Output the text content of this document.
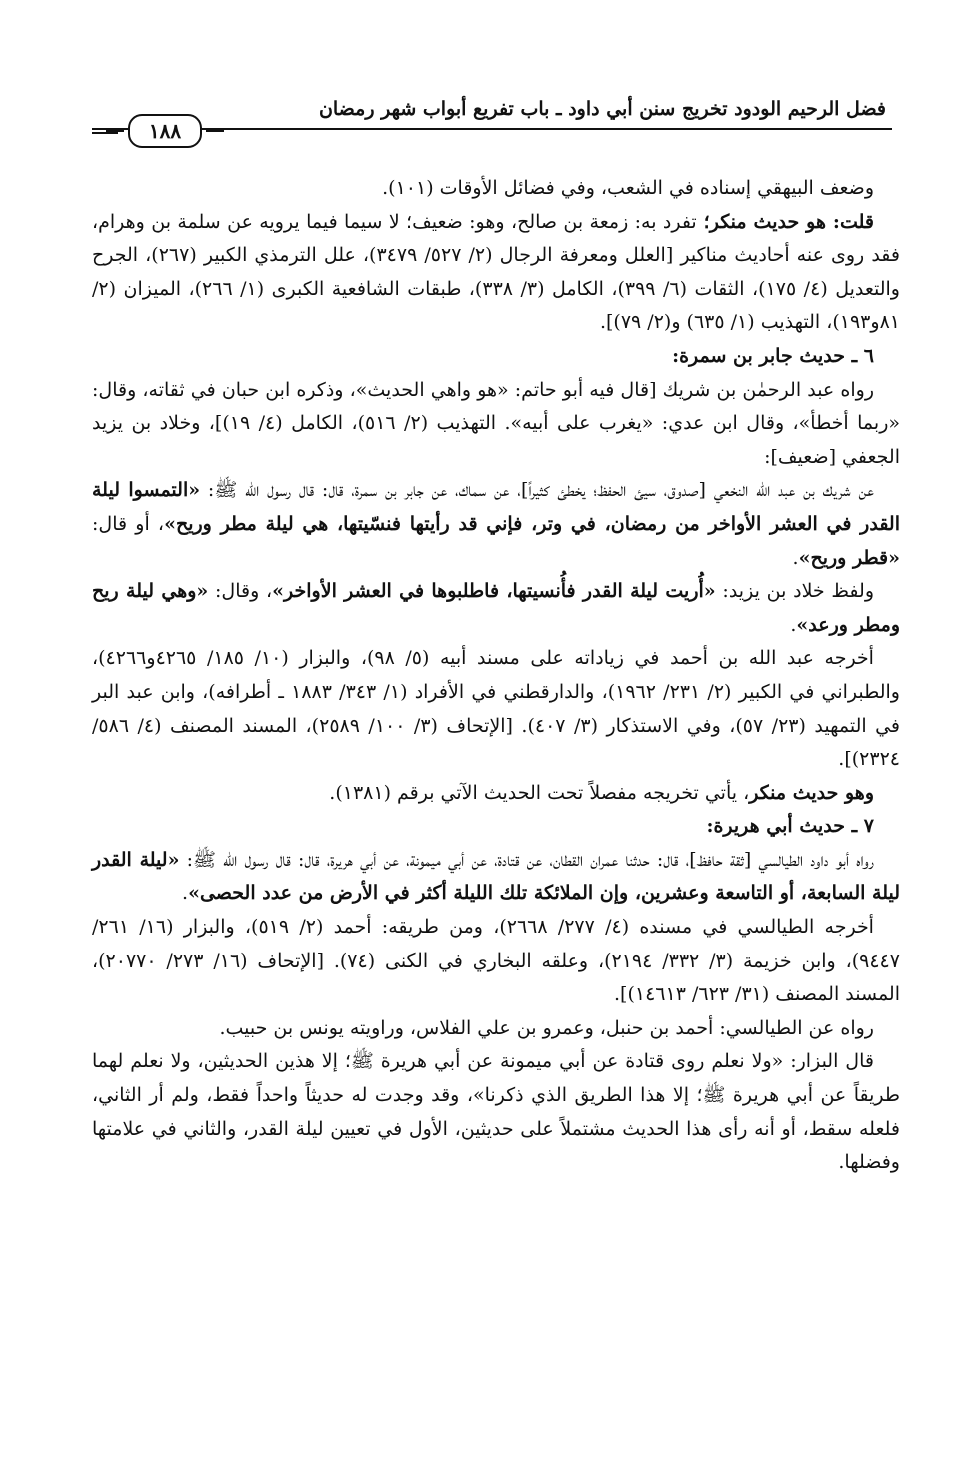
فضل الرحيم الودود تخريج سنن أبي داود ـ باب تفريع أبواب شهر رمضان
١٨٨

وضعف البيهقي إسناده في الشعب، وفي فضائل الأوقات (١٠١).

قلت: هو حديث منكر؛ تفرد به: زمعة بن صالح، وهو: ضعيف؛ لا سيما فيما يرويه عن سلمة بن وهرام، فقد روى عنه أحاديث مناكير [العلل ومعرفة الرجال (٢/ ٥٢٧/ ٣٤٧٩)، علل الترمذي الكبير (٢٦٧)، الجرح والتعديل (٤/ ١٧٥)، الثقات (٦/ ٣٩٩)، الكامل (٣/ ٣٣٨)، طبقات الشافعية الكبرى (١/ ٢٦٦)، الميزان (٢/ ٨١و١٩٣)، التهذيب (١/ ٦٣٥) و(٢/ ٧٩)].

٦ ـ حديث جابر بن سمرة:

رواه عبد الرحمٰن بن شريك [قال فيه أبو حاتم: «هو واهي الحديث»، وذكره ابن حبان في ثقاته، وقال: «ربما أخطأ»، وقال ابن عدي: «يغرب على أبيه». التهذيب (٢/ ٥١٦)، الكامل (٤/ ١٩)]، وخلاد بن يزيد الجعفي [ضعيف]:

عن شريك بن عبد الله النخعي [صدوق، سيئ الحفظ؛ يخطئ كثيراً]، عن سماك، عن جابر بن سمرة، قال: قال رسول الله ﷺ: «التمسوا ليلة القدر في العشر الأواخر من رمضان، في وتر، فإني قد رأيتها فنسّيتها، هي ليلة مطر وريح»، أو قال: «قطر وريح».

ولفظ خلاد بن يزيد: «أُريت ليلة القدر فأُنسيتها، فاطلبوها في العشر الأواخر»، وقال: «وهي ليلة ريح ومطر ورعد».

أخرجه عبد الله بن أحمد في زياداته على مسند أبيه (٥/ ٩٨)، والبزار (١٠/ ١٨٥/ ٤٢٦٥و٤٢٦٦)، والطبراني في الكبير (٢/ ٢٣١/ ١٩٦٢)، والدارقطني في الأفراد (١/ ٣٤٣/ ١٨٨٣ ـ أطرافه)، وابن عبد البر في التمهيد (٢٣/ ٥٧)، وفي الاستذكار (٣/ ٤٠٧). [الإتحاف (٣/ ١٠٠/ ٢٥٨٩)، المسند المصنف (٤/ ٥٨٦/ ٢٣٢٤)].

وهو حديث منكر، يأتي تخريجه مفصلاً تحت الحديث الآتي برقم (١٣٨١).

٧ ـ حديث أبي هريرة:

رواه أبو داود الطيالسي [ثقة حافظ]، قال: حدثنا عمران القطان، عن قتادة، عن أبي ميمونة، عن أبي هريرة، قال: قال رسول الله ﷺ: «ليلة القدر ليلة السابعة، أو التاسعة وعشرين، وإن الملائكة تلك الليلة أكثر في الأرض من عدد الحصى».

أخرجه الطيالسي في مسنده (٤/ ٢٧٧/ ٢٦٦٨)، ومن طريقه: أحمد (٢/ ٥١٩)، والبزار (١٦/ ٢٦١/ ٩٤٤٧)، وابن خزيمة (٣/ ٣٣٢/ ٢١٩٤)، وعلقه البخاري في الكنى (٧٤). [الإتحاف (١٦/ ٢٧٣/ ٢٠٧٧٠)، المسند المصنف (٣١/ ٦٢٣/ ١٤٦١٣)].

رواه عن الطيالسي: أحمد بن حنبل، وعمرو بن علي الفلاس، وراويته يونس بن حبيب.

قال البزار: «ولا نعلم روى قتادة عن أبي ميمونة عن أبي هريرة ﷺ؛ إلا هذين الحديثين، ولا نعلم لهما طريقاً عن أبي هريرة ﷺ؛ إلا هذا الطريق الذي ذكرنا»، وقد وجدت له حديثاً واحداً فقط، ولم أر الثاني، فلعله سقط، أو أنه رأى هذا الحديث مشتملاً على حديثين، الأول في تعيين ليلة القدر، والثاني في علامتها وفضلها.
